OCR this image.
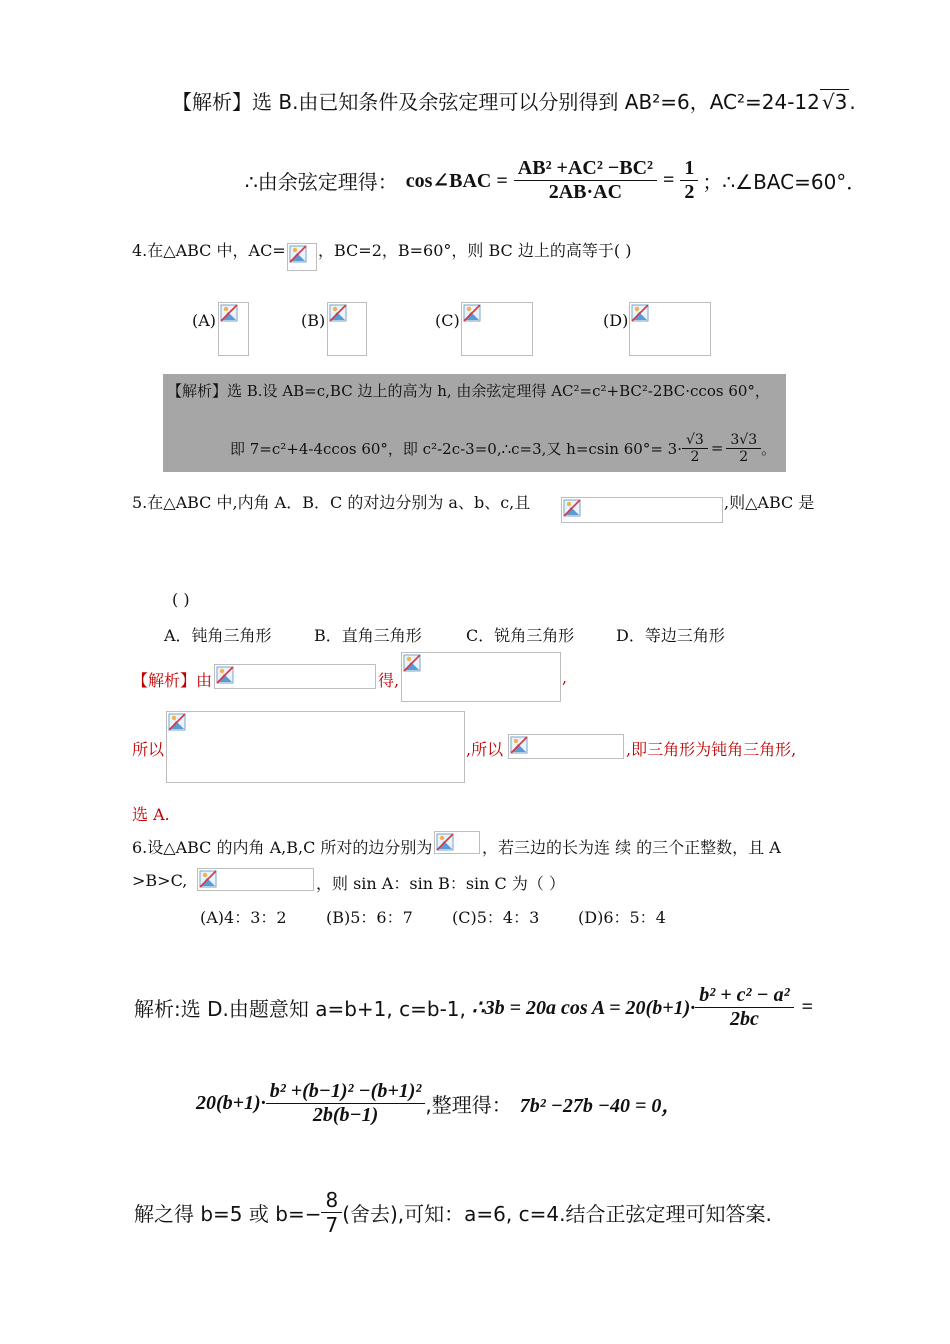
【解析】选 B.由已知条件及余弦定理可以分别得到 AB²=6，AC²=24-12 √3 .
∴由余弦定理得： cos∠BAC = $\frac{\text{AB² +AC² −BC²}}{2AB\cdot AC} = \frac{1}{2}$ ；∴∠BAC=60°．
4.在△ABC 中，AC= ，BC=2，B=60°，则 BC 边上的高等于( )
(A)	(B)	(C)	(D)
【解析】选 B.设 AB=c,BC 边上的高为 h, 由余弦定理得 AC²=c²+BC²-2BC·ccos 60°，
即 7=c²+4-4ccos 60°，即 c²-2c-3=0,∴c=3,又 h=csin $60^\circ= 3\cdot \frac{√3}{2} = \frac{3√3}{2}$ 。
5.在△ABC 中,内角 A．B．C 的对边分别为 a、b、c,且	,则△ABC 是
( )
A．钝角三角形	B．直角三角形	C．锐角三角形	D．等边三角形
【解析】由	得,	,
所以	,所以	,即三角形为钝角三角形,
选 A.
6.设△ABC 的内角 A,B,C 所对的边分别为	，若三边的长为连 续 的三个正整数，且 A
>B>C,	，则 sin A：sin B：sin C 为（ ）
(A)4：3：2 (B)5：6：7 (C)5：4：3 (D)6：5：4
解析:选 D.由题意知 a=b+1, c=b-1, ∴3b = 20a $\cos A = 20(b+1)\cdot \frac{\text{b² + c² − a²}}{2bc}$ =
$20(b+1)\cdot \frac{\text{b² +(b−1)² −(b+1)²}}{2b(b-1)}$ ,整理得： 7b² −27b −40 = 0，
解之得 b=5 或 $b=- \frac{8}{7}$ (舍去),可知：a=6, c=4.结合正弦定理可知答案.
